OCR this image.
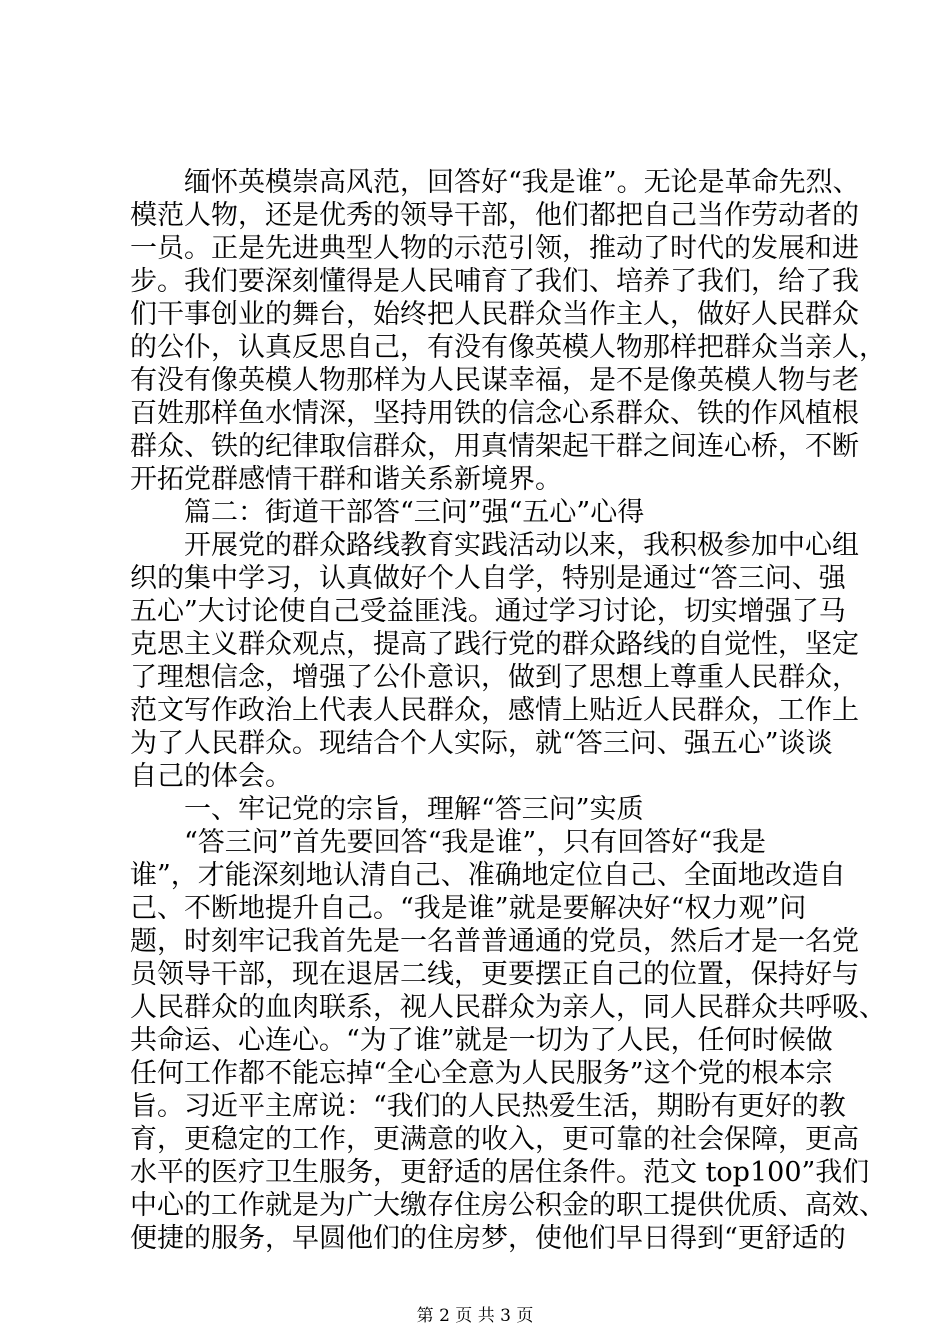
　　缅怀英模崇高风范，回答好“我是谁”。无论是革命先烈、
模范人物，还是优秀的领导干部，他们都把自己当作劳动者的
一员。正是先进典型人物的示范引领，推动了时代的发展和进
步。我们要深刻懂得是人民哺育了我们、培养了我们，给了我
们干事创业的舞台，始终把人民群众当作主人，做好人民群众
的公仆，认真反思自己，有没有像英模人物那样把群众当亲人，
有没有像英模人物那样为人民谋幸福，是不是像英模人物与老
百姓那样鱼水情深，坚持用铁的信念心系群众、铁的作风植根
群众、铁的纪律取信群众，用真情架起干群之间连心桥，不断
开拓党群感情干群和谐关系新境界。
　　篇二：街道干部答“三问”强“五心”心得
　　开展党的群众路线教育实践活动以来，我积极参加中心组
织的集中学习，认真做好个人自学，特别是通过“答三问、强
五心”大讨论使自己受益匪浅。通过学习讨论，切实增强了马
克思主义群众观点，提高了践行党的群众路线的自觉性，坚定
了理想信念，增强了公仆意识，做到了思想上尊重人民群众，
范文写作政治上代表人民群众，感情上贴近人民群众，工作上
为了人民群众。现结合个人实际，就“答三问、强五心”谈谈
自己的体会。
　　一、牢记党的宗旨，理解“答三问”实质
　　“答三问”首先要回答“我是谁”，只有回答好“我是
谁”，才能深刻地认清自己、准确地定位自己、全面地改造自
己、不断地提升自己。“我是谁”就是要解决好“权力观”问
题，时刻牢记我首先是一名普普通通的党员，然后才是一名党
员领导干部，现在退居二线，更要摆正自己的位置，保持好与
人民群众的血肉联系，视人民群众为亲人，同人民群众共呼吸、
共命运、心连心。“为了谁”就是一切为了人民，任何时候做
任何工作都不能忘掉“全心全意为人民服务”这个党的根本宗
旨。习近平主席说：“我们的人民热爱生活，期盼有更好的教
育，更稳定的工作，更满意的收入，更可靠的社会保障，更高
水平的医疗卫生服务，更舒适的居住条件。范文 top100”我们
中心的工作就是为广大缴存住房公积金的职工提供优质、高效、
便捷的服务，早圆他们的住房梦，使他们早日得到“更舒适的
第 2 页 共 3 页
